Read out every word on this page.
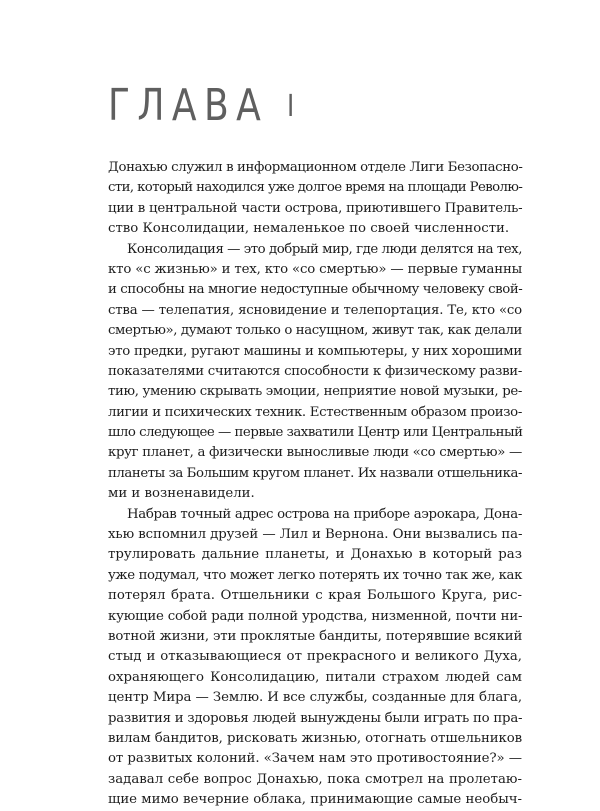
ГЛАВА I
Донахью служил в информационном отделе Лиги Безопасно-
сти, который находился уже долгое время на площади Револю-
ции в центральной части острова, приютившего Правитель-
ство Консолидации, немаленькое по своей численности.
Консолидация — это добрый мир, где люди делятся на тех,
кто «с жизнью» и тех, кто «со смертью» — первые гуманны
и способны на многие недоступные обычному человеку свой-
ства — телепатия, ясновидение и телепортация. Те, кто «со
смертью», думают только о насущном, живут так, как делали
это предки, ругают машины и компьютеры, у них хорошими
показателями считаются способности к физическому разви-
тию, умению скрывать эмоции, неприятие новой музыки, ре-
лигии и психических техник. Естественным образом произо-
шло следующее — первые захватили Центр или Центральный
круг планет, а физически выносливые люди «со смертью» —
планеты за Большим кругом планет. Их назвали отшельника-
ми и возненавидели.
Набрав точный адрес острова на приборе аэрокара, Дона-
хью вспомнил друзей — Лил и Вернона. Они вызвались па-
трулировать дальние планеты, и Донахью в который раз
уже подумал, что может легко потерять их точно так же, как
потерял брата. Отшельники с края Большого Круга, рис-
кующие собой ради полной уродства, низменной, почти ни-
вотной жизни, эти проклятые бандиты, потерявшие всякий
стыд и отказывающиеся от прекрасного и великого Духа,
охраняющего Консолидацию, питали страхом людей сам
центр Мира — Землю. И все службы, созданные для блага,
развития и здоровья людей вынуждены были играть по пра-
вилам бандитов, рисковать жизнью, отогнать отшельников
от развитых колоний. «Зачем нам это противостояние?» —
задавал себе вопрос Донахью, пока смотрел на пролетаю-
щие мимо вечерние облака, принимающие самые необыч-
